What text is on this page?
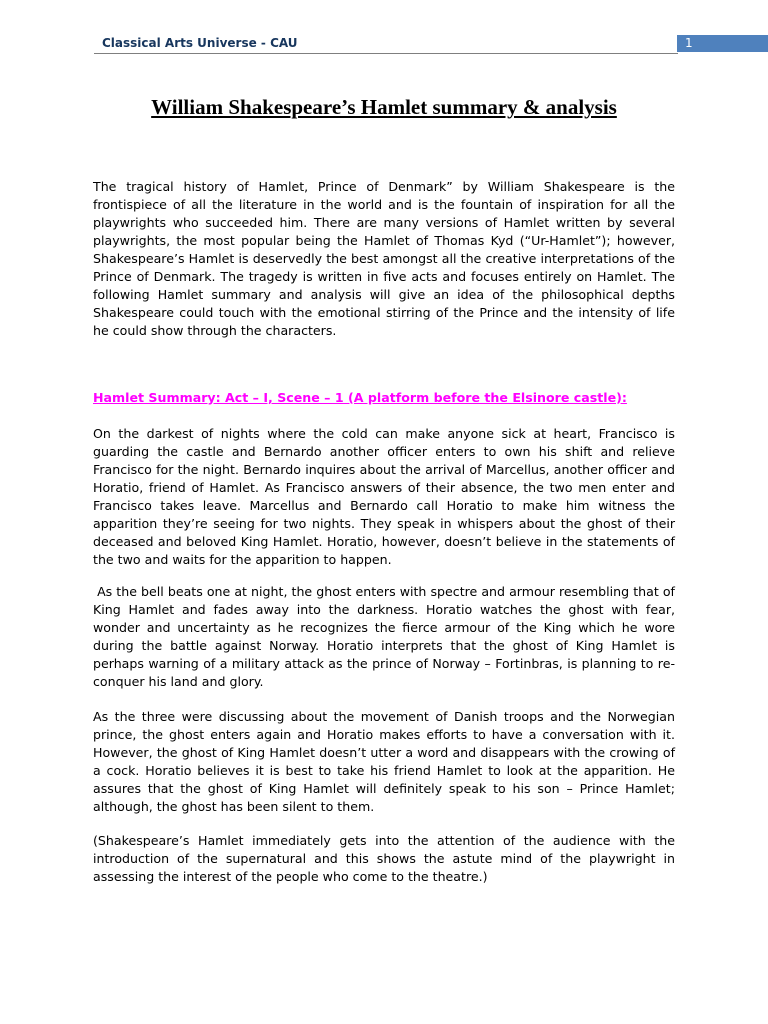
Classical Arts Universe - CAU	1
William Shakespeare’s Hamlet summary & analysis

The tragical history of Hamlet, Prince of Denmark” by William Shakespeare is the frontispiece of all the literature in the world and is the fountain of inspiration for all the playwrights who succeeded him. There are many versions of Hamlet written by several playwrights, the most popular being the Hamlet of Thomas Kyd (“Ur-Hamlet”); however, Shakespeare’s Hamlet is deservedly the best amongst all the creative interpretations of the Prince of Denmark. The tragedy is written in five acts and focuses entirely on Hamlet. The following Hamlet summary and analysis will give an idea of the philosophical depths Shakespeare could touch with the emotional stirring of the Prince and the intensity of life he could show through the characters.

Hamlet Summary: Act – I, Scene – 1 (A platform before the Elsinore castle):

On the darkest of nights where the cold can make anyone sick at heart, Francisco is guarding the castle and Bernardo another officer enters to own his shift and relieve Francisco for the night. Bernardo inquires about the arrival of Marcellus, another officer and Horatio, friend of Hamlet. As Francisco answers of their absence, the two men enter and Francisco takes leave. Marcellus and Bernardo call Horatio to make him witness the apparition they’re seeing for two nights. They speak in whispers about the ghost of their deceased and beloved King Hamlet. Horatio, however, doesn’t believe in the statements of the two and waits for the apparition to happen.

As the bell beats one at night, the ghost enters with spectre and armour resembling that of King Hamlet and fades away into the darkness. Horatio watches the ghost with fear, wonder and uncertainty as he recognizes the fierce armour of the King which he wore during the battle against Norway. Horatio interprets that the ghost of King Hamlet is perhaps warning of a military attack as the prince of Norway – Fortinbras, is planning to re-conquer his land and glory.

As the three were discussing about the movement of Danish troops and the Norwegian prince, the ghost enters again and Horatio makes efforts to have a conversation with it. However, the ghost of King Hamlet doesn’t utter a word and disappears with the crowing of a cock. Horatio believes it is best to take his friend Hamlet to look at the apparition. He assures that the ghost of King Hamlet will definitely speak to his son – Prince Hamlet; although, the ghost has been silent to them.

(Shakespeare’s Hamlet immediately gets into the attention of the audience with the introduction of the supernatural and this shows the astute mind of the playwright in assessing the interest of the people who come to the theatre.)
